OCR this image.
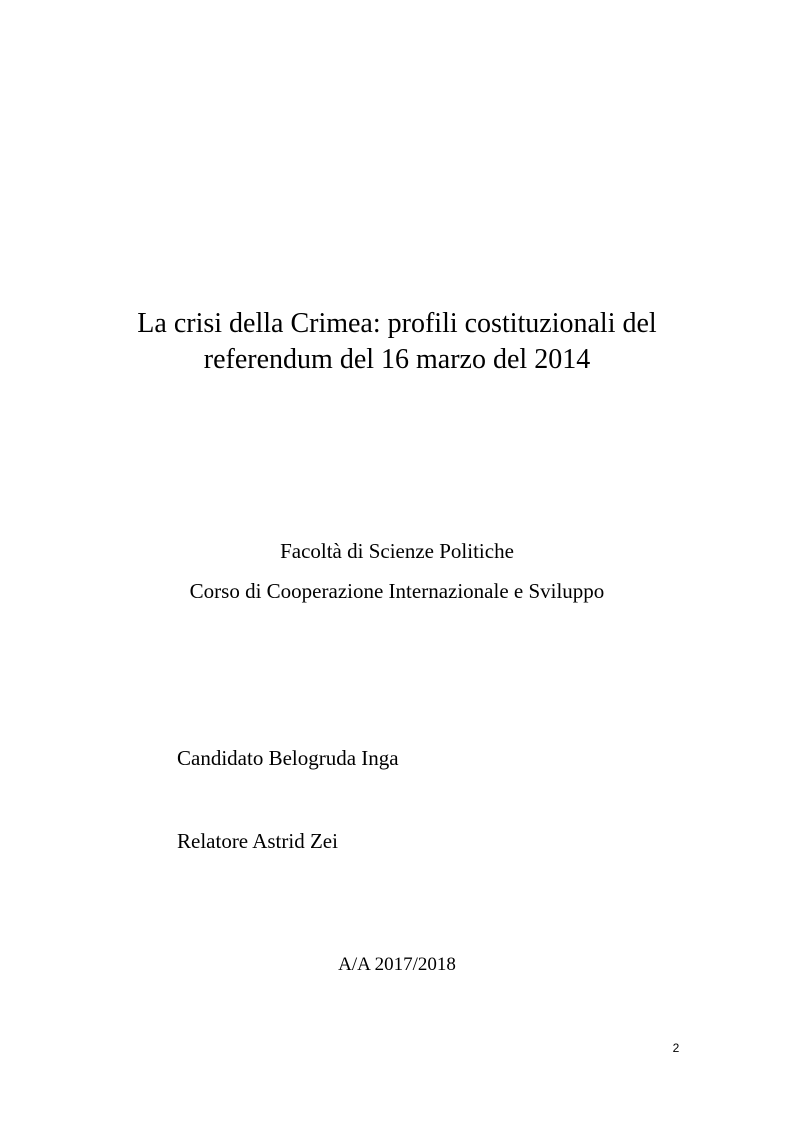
La crisi della Crimea: profili costituzionali del
referendum del 16 marzo del 2014

Facoltà di Scienze Politiche

Corso di Cooperazione Internazionale e Sviluppo

Candidato Belogruda Inga

Relatore Astrid Zei

A/A 2017/2018

2
